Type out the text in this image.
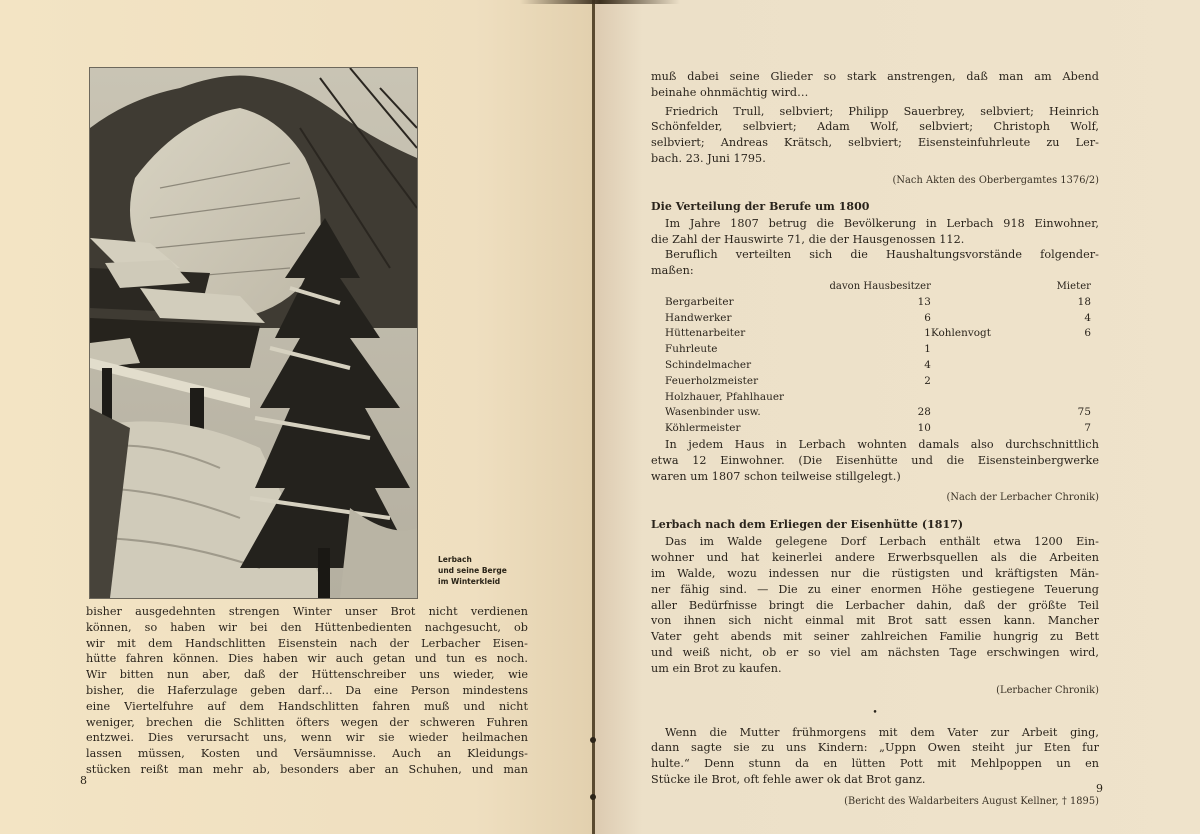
Lerbach
und seine Berge
im Winterkleid
bisher ausgedehnten strengen Winter unser Brot nicht verdienen
können, so haben wir bei den Hüttenbedienten nachgesucht, ob
wir mit dem Handschlitten Eisenstein nach der Lerbacher Eisen-
hütte fahren können. Dies haben wir auch getan und tun es noch.
Wir bitten nun aber, daß der Hüttenschreiber uns wieder, wie
bisher, die Haferzulage geben darf… Da eine Person mindestens
eine Viertelfuhre auf dem Handschlitten fahren muß und nicht
weniger, brechen die Schlitten öfters wegen der schweren Fuhren
entzwei. Dies verursacht uns, wenn wir sie wieder heilmachen
lassen müssen, Kosten und Versäumnisse. Auch an Kleidungs-
stücken reißt man mehr ab, besonders aber an Schuhen, und man
8
muß dabei seine Glieder so stark anstrengen, daß man am Abend
beinahe ohnmächtig wird…
Friedrich Trull, selbviert; Philipp Sauerbrey, selbviert; Heinrich
Schönfelder, selbviert; Adam Wolf, selbviert; Christoph Wolf,
selbviert; Andreas Krätsch, selbviert; Eisensteinfuhrleute zu Ler-
bach. 23. Juni 1795.
(Nach Akten des Oberbergamtes 1376/2)
Die Verteilung der Berufe um 1800
Im Jahre 1807 betrug die Bevölkerung in Lerbach 918 Einwohner,
die Zahl der Hauswirte 71, die der Hausgenossen 112.
Beruflich verteilten sich die Haushaltungsvorstände folgender-
maßen:
	davon Hausbesitzer		Mieter
Bergarbeiter	13		18
Handwerker	6		4
Hüttenarbeiter	1	Kohlenvogt	6
Fuhrleute	1		
Schindelmacher	4		
Feuerholzmeister	2		
Holzhauer, Pfahlhauer			
Wasenbinder usw.	28		75
Köhlermeister	10		7
In jedem Haus in Lerbach wohnten damals also durchschnittlich
etwa 12 Einwohner. (Die Eisenhütte und die Eisensteinbergwerke
waren um 1807 schon teilweise stillgelegt.)
(Nach der Lerbacher Chronik)
Lerbach nach dem Erliegen der Eisenhütte (1817)
Das im Walde gelegene Dorf Lerbach enthält etwa 1200 Ein-
wohner und hat keinerlei andere Erwerbsquellen als die Arbeiten
im Walde, wozu indessen nur die rüstigsten und kräftigsten Män-
ner fähig sind. — Die zu einer enormen Höhe gestiegene Teuerung
aller Bedürfnisse bringt die Lerbacher dahin, daß der größte Teil
von ihnen sich nicht einmal mit Brot satt essen kann. Mancher
Vater geht abends mit seiner zahlreichen Familie hungrig zu Bett
und weiß nicht, ob er so viel am nächsten Tage erschwingen wird,
um ein Brot zu kaufen.
(Lerbacher Chronik)
•
Wenn die Mutter frühmorgens mit dem Vater zur Arbeit ging,
dann sagte sie zu uns Kindern: „Uppn Owen steiht jur Eten fur
hulte.“ Denn stunn da en lütten Pott mit Mehlpoppen un en
Stücke ile Brot, oft fehle awer ok dat Brot ganz.
(Bericht des Waldarbeiters August Kellner, † 1895)
9
